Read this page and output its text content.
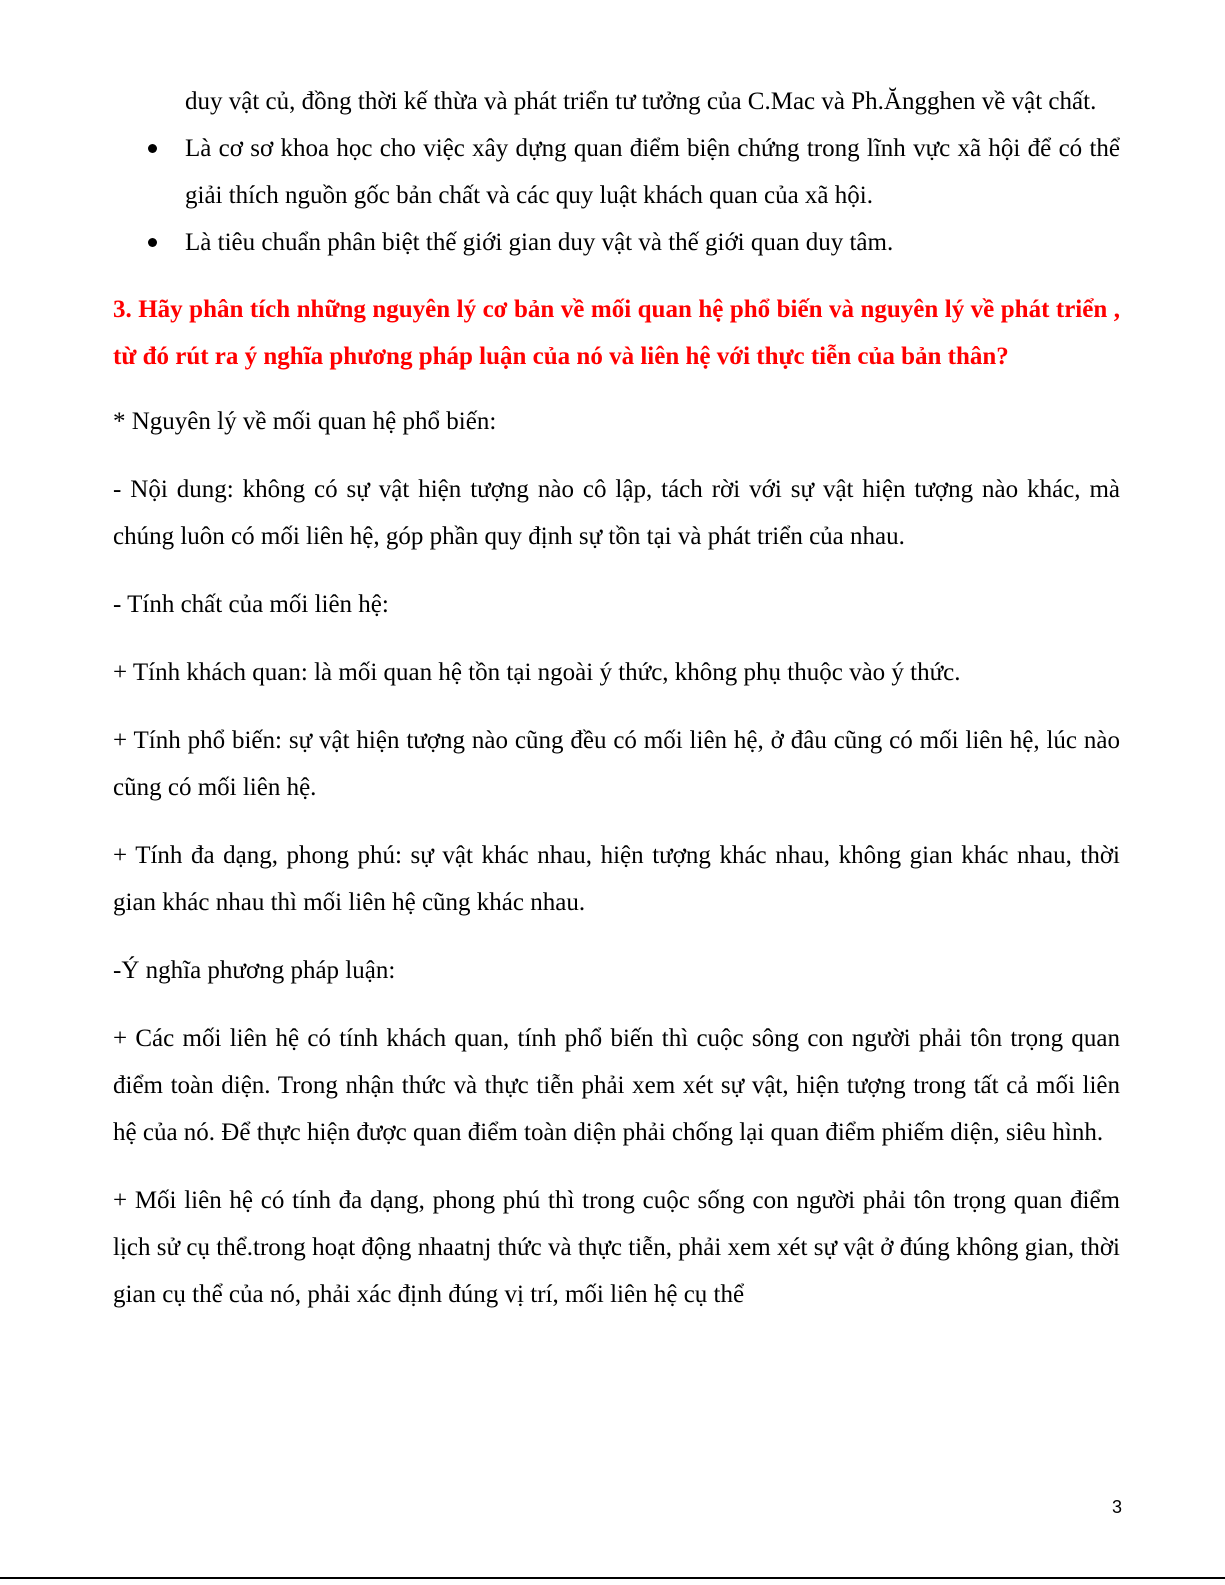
duy vật củ, đồng thời kế thừa và phát triển tư tưởng của C.Mac và Ph.Ăngghen về vật chất.

Là cơ sơ khoa học cho việc xây dựng quan điểm biện chứng trong lĩnh vực xã hội để có thể giải thích nguồn gốc bản chất và các quy luật khách quan của xã hội.
Là tiêu chuẩn phân biệt thế giới gian duy vật và thế giới quan duy tâm.

3. Hãy phân tích những nguyên lý cơ bản về mối quan hệ phổ biến và nguyên lý về phát triển , từ đó rút ra ý nghĩa phương pháp luận của nó và liên hệ với thực tiễn của bản thân?

* Nguyên lý về mối quan hệ phổ biến:

- Nội dung: không có sự vật hiện tượng nào cô lập, tách rời với sự vật hiện tượng nào khác, mà chúng luôn có mối liên hệ, góp phần quy định sự tồn tại và phát triển của nhau.

- Tính chất của mối liên hệ:

+ Tính khách quan: là mối quan hệ tồn tại ngoài ý thức, không phụ thuộc vào ý thức.

+ Tính phổ biến: sự vật hiện tượng nào cũng đều có mối liên hệ, ở đâu cũng có mối liên hệ, lúc nào cũng có mối liên hệ.

+ Tính đa dạng, phong phú: sự vật khác nhau, hiện tượng khác nhau, không gian khác nhau, thời gian khác nhau thì mối liên hệ cũng khác nhau.

-Ý nghĩa phương pháp luận:

+ Các mối liên hệ có tính khách quan, tính phổ biến thì cuộc sông con người phải tôn trọng quan điểm toàn diện. Trong nhận thức và thực tiễn phải xem xét sự vật, hiện tượng trong tất cả mối liên hệ của nó. Để thực hiện được quan điểm toàn diện phải chống lại quan điểm phiếm diện, siêu hình.

+ Mối liên hệ có tính đa dạng, phong phú thì trong cuộc sống con người phải tôn trọng quan điểm lịch sử cụ thể.trong hoạt động nhaatnj thức và thực tiễn, phải xem xét sự vật ở đúng không gian, thời gian cụ thể của nó, phải xác định đúng vị trí, mối liên hệ cụ thể

3
